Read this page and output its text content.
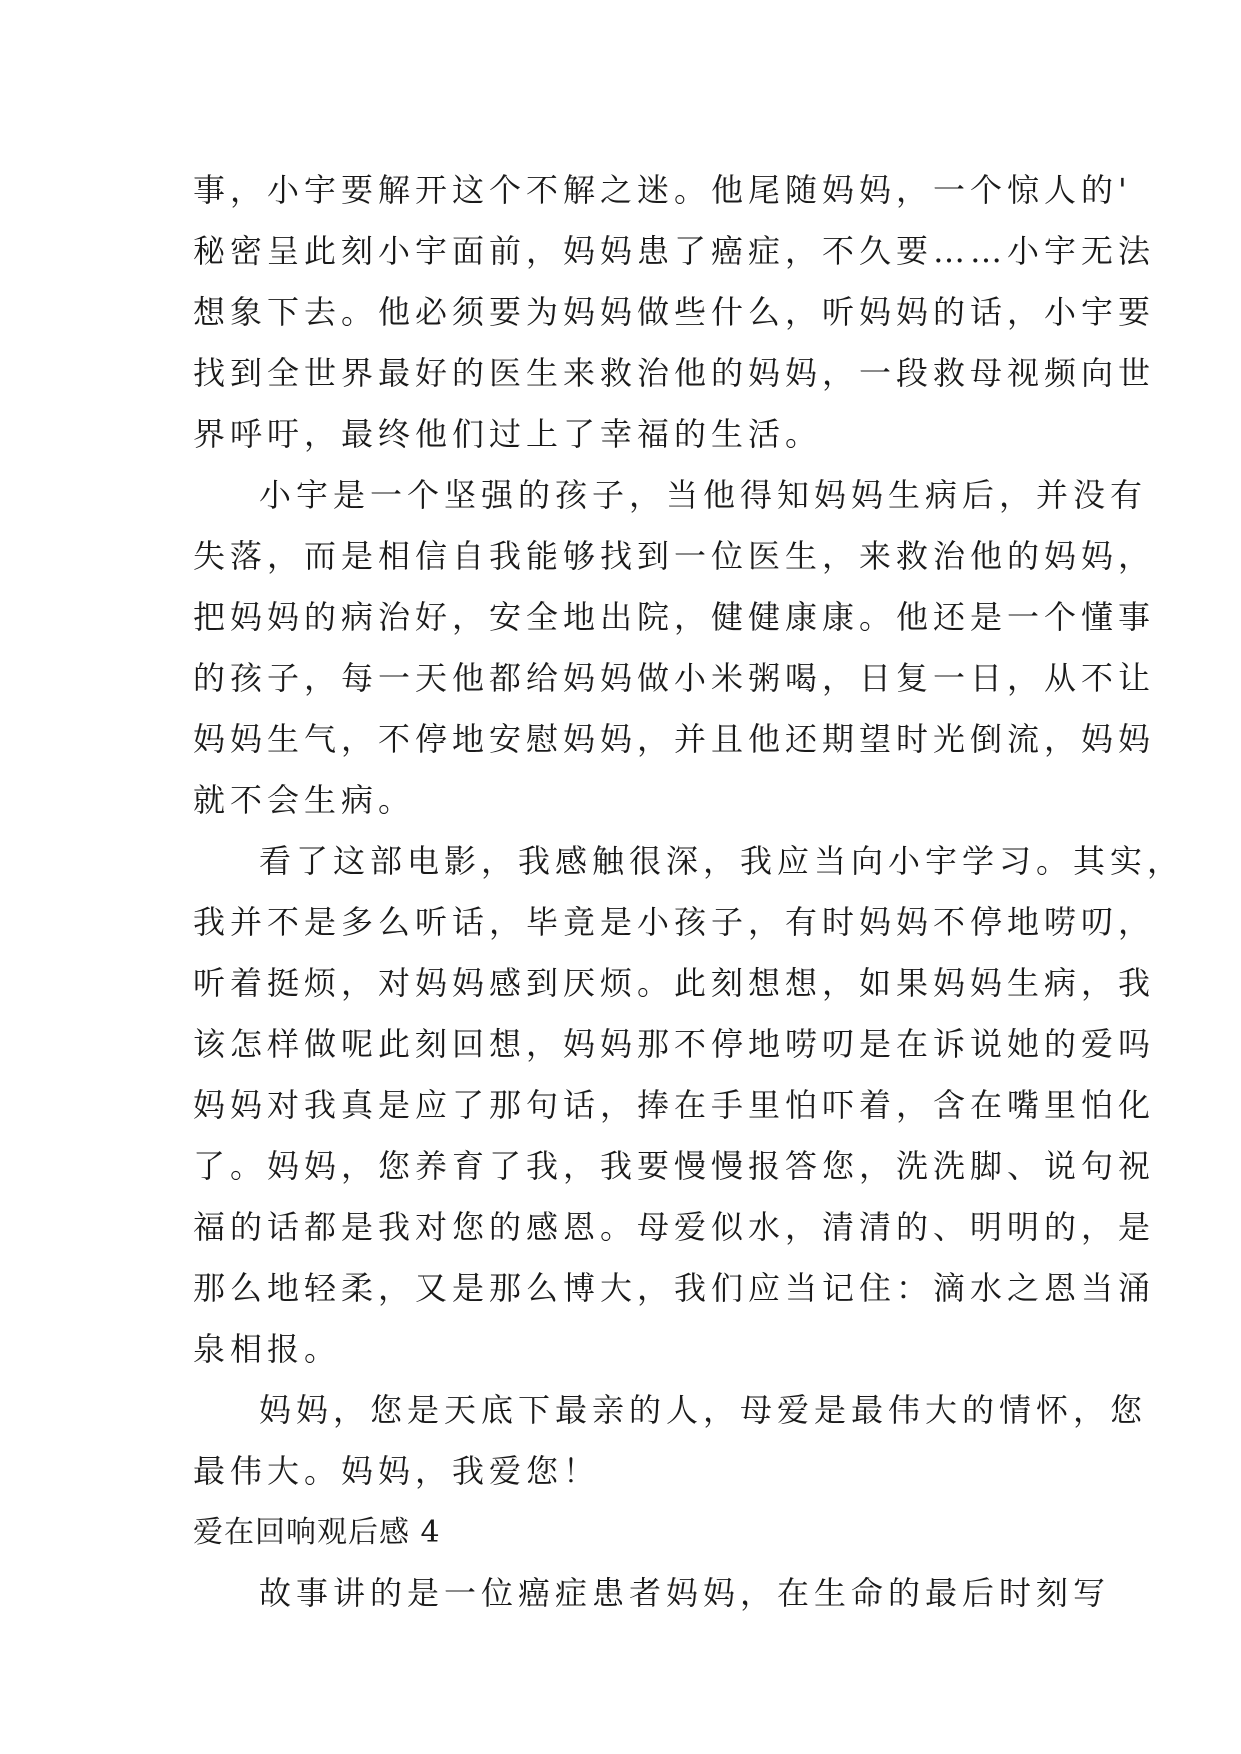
事，小宇要解开这个不解之迷。他尾随妈妈，一个惊人的'
秘密呈此刻小宇面前，妈妈患了癌症，不久要……小宇无法
想象下去。他必须要为妈妈做些什么，听妈妈的话，小宇要
找到全世界最好的医生来救治他的妈妈，一段救母视频向世
界呼吁，最终他们过上了幸福的生活。
小宇是一个坚强的孩子，当他得知妈妈生病后，并没有
失落，而是相信自我能够找到一位医生，来救治他的妈妈，
把妈妈的病治好，安全地出院，健健康康。他还是一个懂事
的孩子，每一天他都给妈妈做小米粥喝，日复一日，从不让
妈妈生气，不停地安慰妈妈，并且他还期望时光倒流，妈妈
就不会生病。
看了这部电影，我感触很深，我应当向小宇学习。其实，
我并不是多么听话，毕竟是小孩子，有时妈妈不停地唠叨，
听着挺烦，对妈妈感到厌烦。此刻想想，如果妈妈生病，我
该怎样做呢此刻回想，妈妈那不停地唠叨是在诉说她的爱吗
妈妈对我真是应了那句话，捧在手里怕吓着，含在嘴里怕化
了。妈妈，您养育了我，我要慢慢报答您，洗洗脚、说句祝
福的话都是我对您的感恩。母爱似水，清清的、明明的，是
那么地轻柔，又是那么博大，我们应当记住：滴水之恩当涌
泉相报。
妈妈，您是天底下最亲的人，母爱是最伟大的情怀，您
最伟大。妈妈，我爱您！
爱在回响观后感 4
故事讲的是一位癌症患者妈妈，在生命的最后时刻写
